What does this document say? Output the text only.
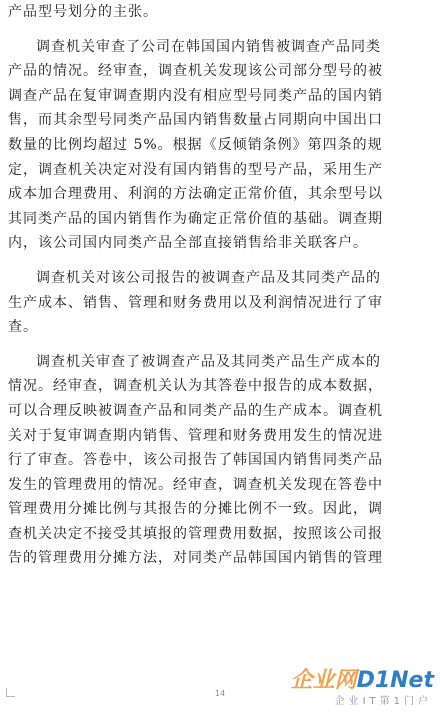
产品型号划分的主张。
调查机关审查了公司在韩国国内销售被调查产品同类
产品的情况。经审查，调查机关发现该公司部分型号的被
调查产品在复审调查期内没有相应型号同类产品的国内销
售，而其余型号同类产品国内销售数量占同期向中国出口
数量的比例均超过 5%。根据《反倾销条例》第四条的规
定，调查机关决定对没有国内销售的型号产品，采用生产
成本加合理费用、利润的方法确定正常价值，其余型号以
其同类产品的国内销售作为确定正常价值的基础。调查期
内，该公司国内同类产品全部直接销售给非关联客户。
调查机关对该公司报告的被调查产品及其同类产品的
生产成本、销售、管理和财务费用以及利润情况进行了审
查。
调查机关审查了被调查产品及其同类产品生产成本的
情况。经审查，调查机关认为其答卷中报告的成本数据，
可以合理反映被调查产品和同类产品的生产成本。调查机
关对于复审调查期内销售、管理和财务费用发生的情况进
行了审查。答卷中，该公司报告了韩国国内销售同类产品
发生的管理费用的情况。经审查，调查机关发现在答卷中
管理费用分摊比例与其报告的分摊比例不一致。因此，调
查机关决定不接受其填报的管理费用数据，按照该公司报
告的管理费用分摊方法，对同类产品韩国国内销售的管理
14
企业网D1Net
企业IT第1门户
